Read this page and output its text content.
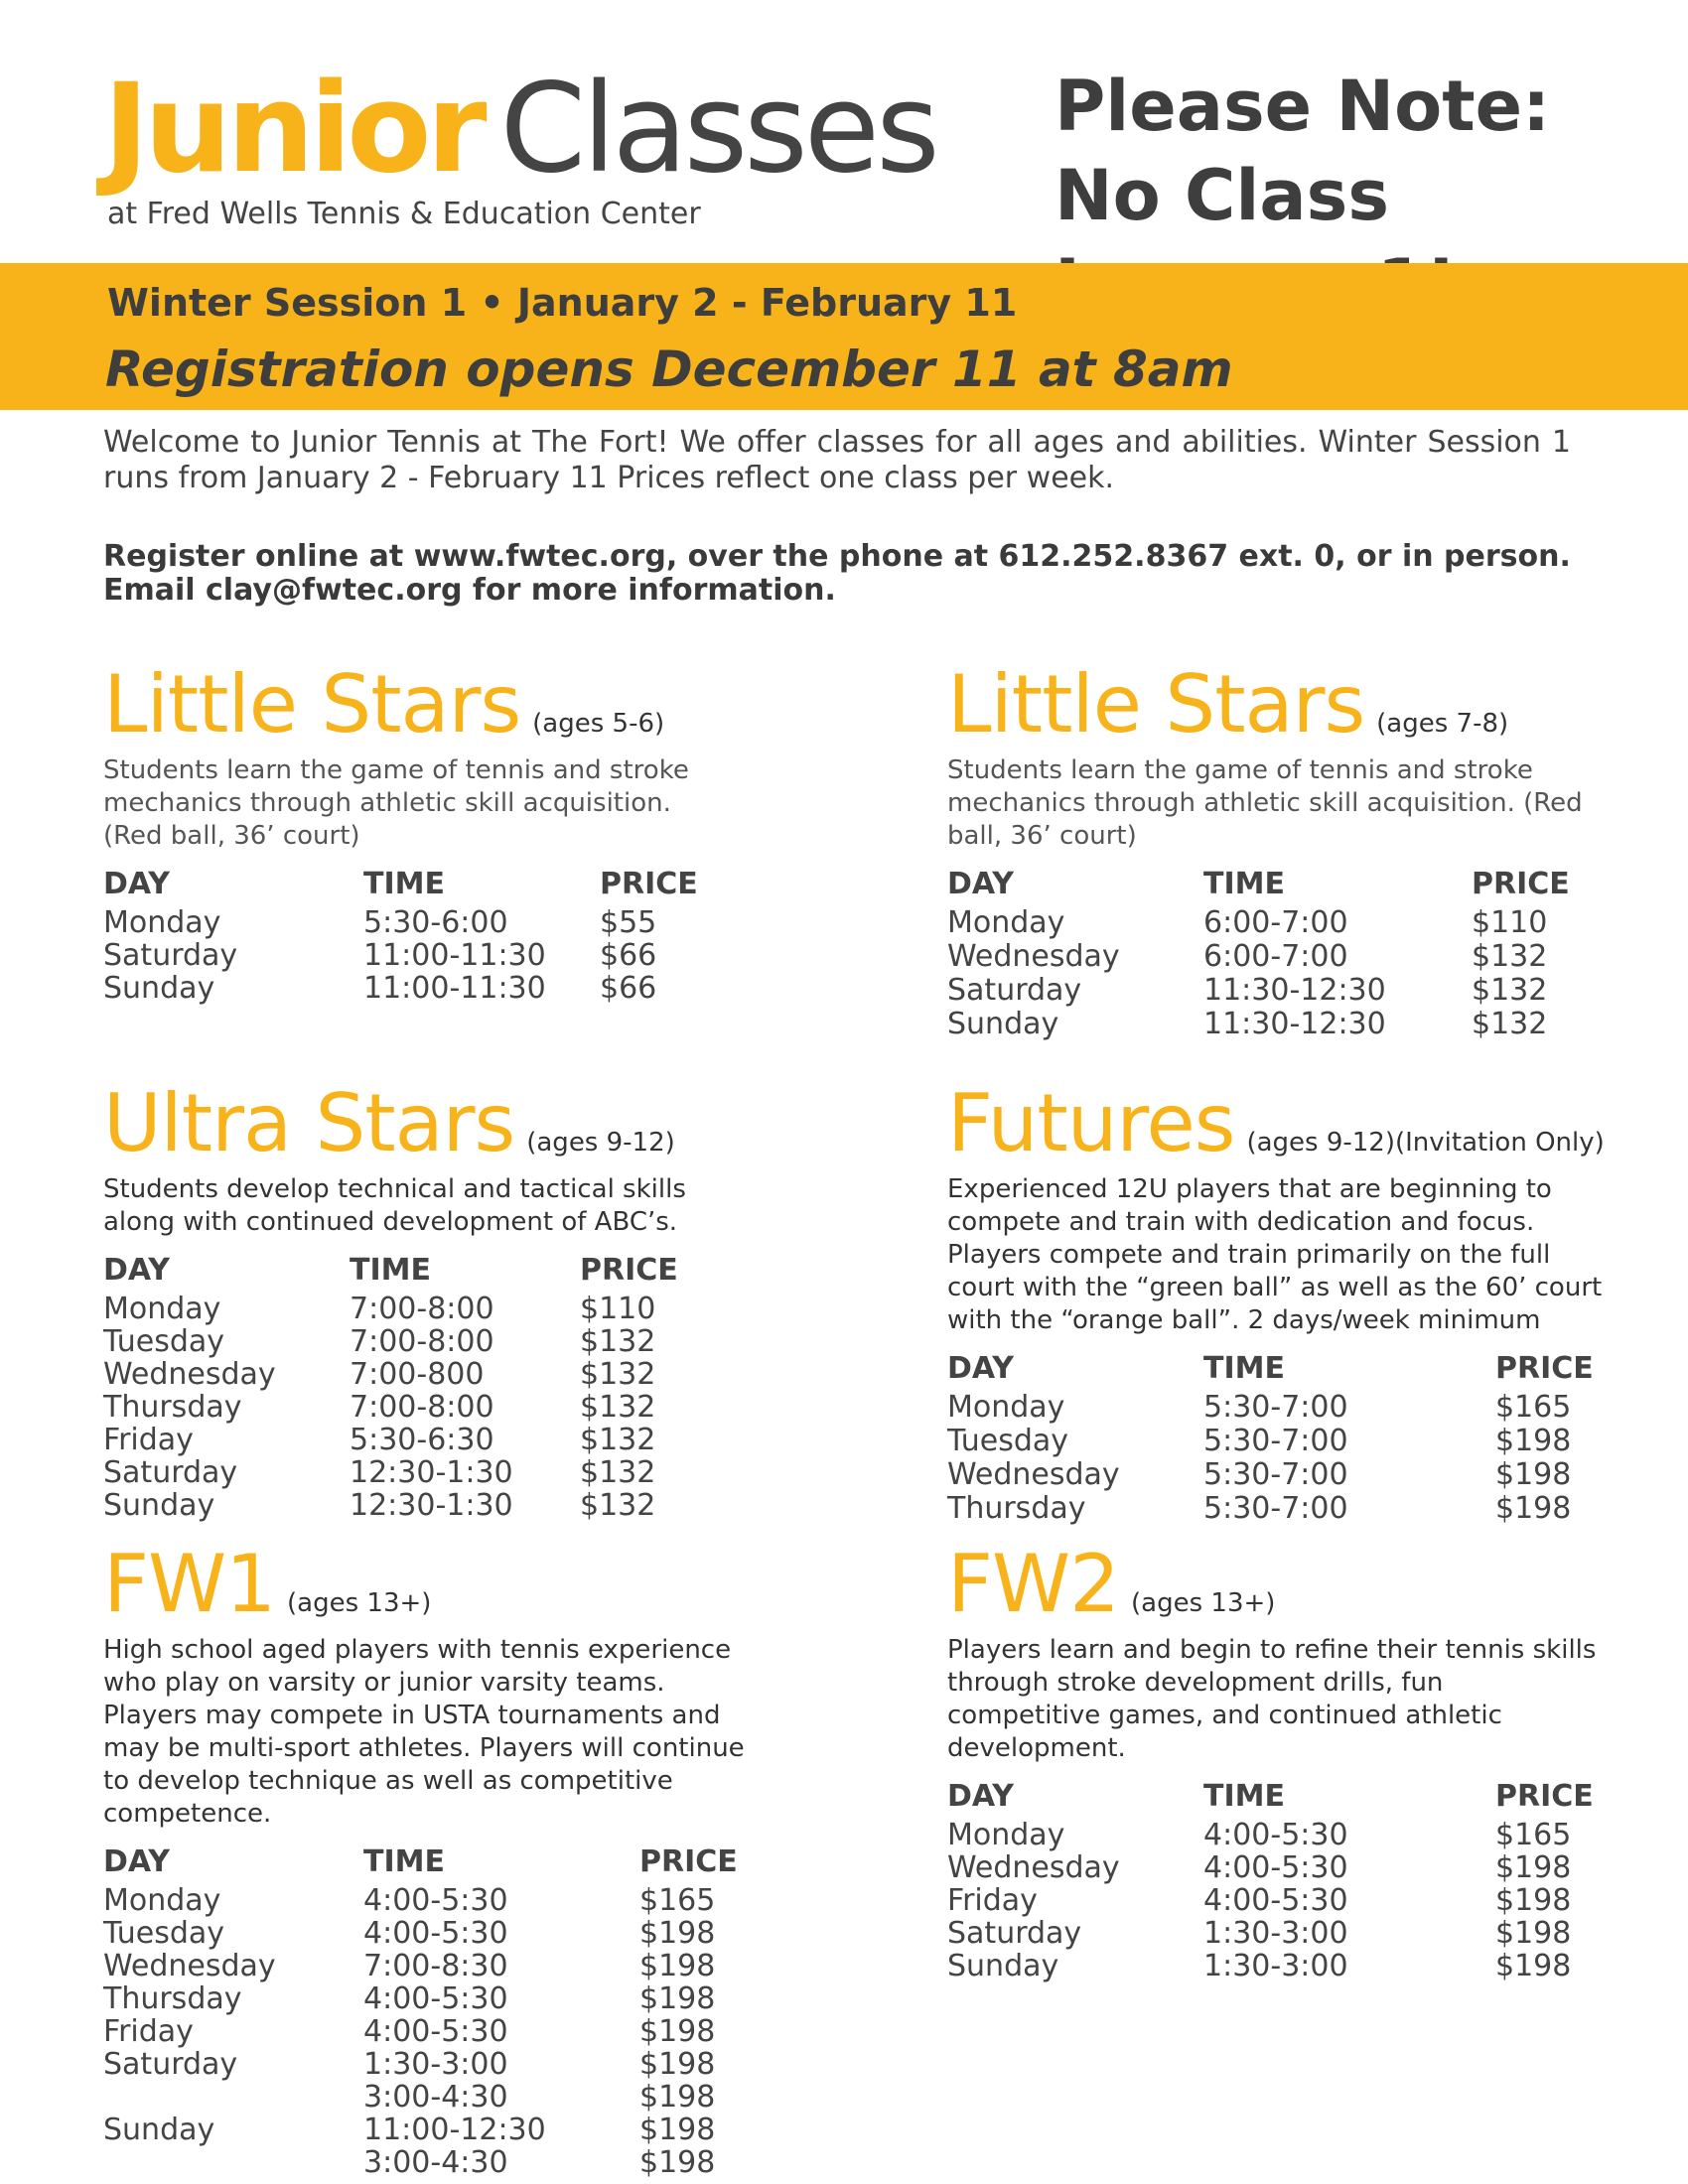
Junior Classes
at Fred Wells Tennis & Education Center
Please Note: No Class
Winter Session 1 • January 2 - February 11
Registration opens December 11 at 8am
Welcome to Junior Tennis at The Fort! We offer classes for all ages and abilities. Winter Session 1 runs from January 2 - February 11 Prices reflect one class per week.
Register online at www.fwtec.org, over the phone at 612.252.8367 ext. 0, or in person. Email clay@fwtec.org for more information.
Little Stars (ages 5-6)
Students learn the game of tennis and stroke mechanics through athletic skill acquisition. (Red ball, 36’ court)
DAY
Monday
Saturday
Sunday
TIME
5:30-6:00
11:00-11:30
11:00-11:30
PRICE
$55
$66
$66
Little Stars (ages 7-8)
Students learn the game of tennis and stroke mechanics through athletic skill acquisition. (Red ball, 36’ court)
DAY
Monday
Wednesday
Saturday
Sunday
TIME
6:00-7:00
6:00-7:00
11:30-12:30
11:30-12:30
PRICE
$110
$132
$132
$132
Ultra Stars (ages 9-12)
Students develop technical and tactical skills along with continued development of ABC’s.
DAY
Monday
Tuesday
Wednesday
Thursday
Friday
Saturday
Sunday
TIME
7:00-8:00
7:00-8:00
7:00-800
7:00-8:00
5:30-6:30
12:30-1:30
12:30-1:30
PRICE
$110
$132
$132
$132
$132
$132
$132
Futures (ages 9-12)(Invitation Only)
Experienced 12U players that are beginning to compete and train with dedication and focus. Players compete and train primarily on the full court with the “green ball” as well as the 60’ court with the “orange ball”. 2 days/week minimum
DAY
Monday
Tuesday
Wednesday
Thursday
TIME
5:30-7:00
5:30-7:00
5:30-7:00
5:30-7:00
PRICE
$165
$198
$198
$198
FW1 (ages 13+)
High school aged players with tennis experience who play on varsity or junior varsity teams. Players may compete in USTA tournaments and may be multi-sport athletes. Players will continue to develop technique as well as competitive competence.
DAY
Monday
Tuesday
Wednesday
Thursday
Friday
Saturday
Sunday
TIME
4:00-5:30
4:00-5:30
7:00-8:30
4:00-5:30
4:00-5:30
1:30-3:00
3:00-4:30
11:00-12:30
3:00-4:30
PRICE
$165
$198
$198
$198
$198
$198
$198
$198
$198
FW2 (ages 13+)
Players learn and begin to refine their tennis skills through stroke development drills, fun competitive games, and continued athletic development.
DAY
Monday
Wednesday
Friday
Saturday
Sunday
TIME
4:00-5:30
4:00-5:30
4:00-5:30
1:30-3:00
1:30-3:00
PRICE
$165
$198
$198
$198
$198
